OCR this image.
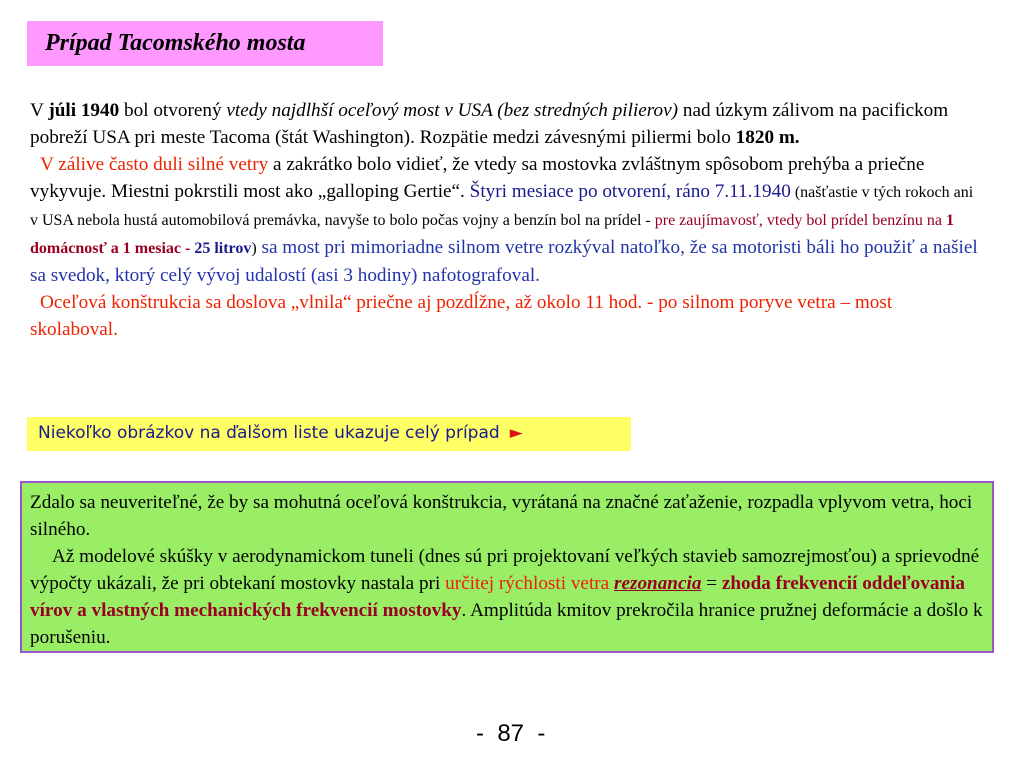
Prípad Tacomského mosta

V júli 1940 bol otvorený vtedy najdlhší oceľový most v USA (bez stredných pilierov) nad úzkym zálivom na pacifickom pobreží USA pri meste Tacoma (štát Washington). Rozpätie medzi závesnými piliermi bolo 1820 m.

V zálive často duli silné vetry a zakrátko bolo vidieť, že vtedy sa mostovka zvláštnym spôsobom prehýba a priečne vykyvuje. Miestni pokrstili most ako „galloping Gertie“. Štyri mesiace po otvorení, ráno 7.11.1940 (našťastie v tých rokoch ani v USA nebola hustá automobilová premávka, navyše to bolo počas vojny a benzín bol na prídel - pre zaujímavosť, vtedy bol prídel benzínu na 1 domácnosť a 1 mesiac - 25 litrov) sa most pri mimoriadne silnom vetre rozkýval natoľko, že sa motoristi báli ho použiť a našiel sa svedok, ktorý celý vývoj udalostí (asi 3 hodiny) nafotografoval.

Oceľová konštrukcia sa doslova „vlnila“ priečne aj pozdĺžne, až okolo 11 hod. - po silnom poryve vetra – most skolaboval.

Niekoľko obrázkov na ďalšom liste ukazuje celý prípad ►

Zdalo sa neuveriteľné, že by sa mohutná oceľová konštrukcia, vyrátaná na značné zaťaženie, rozpadla vplyvom vetra, hoci silného.

Až modelové skúšky v aerodynamickom tuneli (dnes sú pri projektovaní veľkých stavieb samozrejmosťou) a sprievodné výpočty ukázali, že pri obtekaní mostovky nastala pri určitej rýchlosti vetra rezonancia = zhoda frekvencií oddeľovania vírov a vlastných mechanických frekvencií mostovky. Amplitúda kmitov prekročila hranice pružnej deformácie a došlo k porušeniu.

-  87  -
